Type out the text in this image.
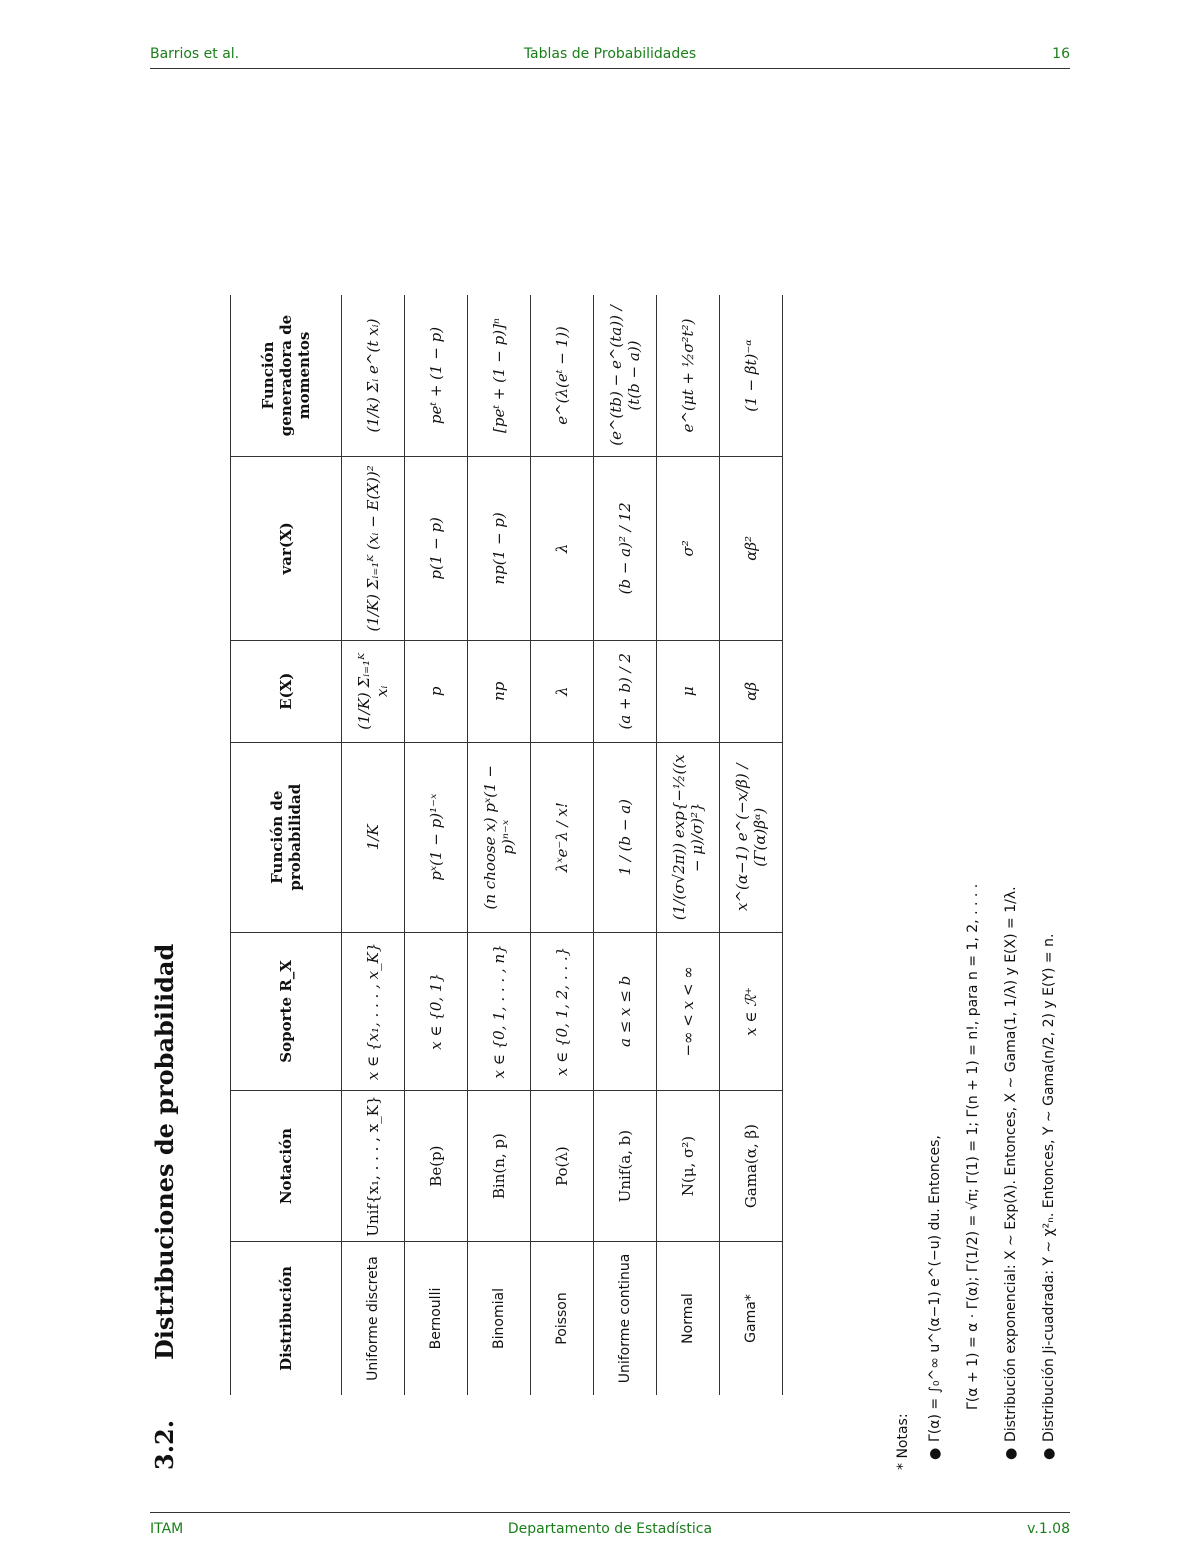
Barrios et al.	Tablas de Probabilidades	16
3.2.Distribuciones de probabilidad	Distribución	Notación	Soporte R_X	Función de probabilidad	E(X)	var(X)	Función generadora de momentos
Uniforme discreta	Unif{x₁, . . . , x_K}	x ∈ {x₁, . . . , x_K}	1/K	(1/K) Σᵢ₌₁ᴷ xᵢ	(1/K) Σᵢ₌₁ᴷ (xᵢ − E(X))²	(1/k) Σᵢ e^(t xᵢ)
Bernoulli	Be(p)	x ∈ {0, 1}	pˣ(1 − p)¹⁻ˣ	p	p(1 − p)	peᵗ + (1 − p)
Binomial	Bin(n, p)	x ∈ {0, 1, . . . , n}	(n choose x) pˣ(1 − p)ⁿ⁻ˣ	np	np(1 − p)	[peᵗ + (1 − p)]ⁿ
Poisson	Po(λ)	x ∈ {0, 1, 2, . . .}	λˣe⁻λ / x!	λ	λ	e^(λ(eᵗ − 1))
Uniforme continua	Unif(a, b)	a ≤ x ≤ b	1 / (b − a)	(a + b) / 2	(b − a)² / 12	(e^(tb) − e^(ta)) / (t(b − a))
Normal	N(μ, σ²)	−∞ < x < ∞	(1/(σ√2π)) exp{−½((x − μ)/σ)²}	μ	σ²	e^(μt + ½σ²t²)
Gama*	Gama(α, β)	x ∈ ℛ⁺	x^(α−1) e^(−x/β) / (Γ(α)βᵅ)	αβ	αβ²	(1 − βt)⁻ᵅ
* Notas: ●Γ(α) = ∫₀^∞ u^(α−1) e^(−u) du. Entonces, Γ(α + 1) = α · Γ(α); Γ(1/2) = √π; Γ(1) = 1; Γ(n + 1) = n!, para n = 1, 2, . . . .
●Distribución exponencial: X ∼ Exp(λ). Entonces, X ∼ Gama(1, 1/λ) y E(X) = 1/λ.
●Distribución Ji-cuadrada: Y ∼ χ²ₙ. Entonces, Y ∼ Gama(n/2, 2) y E(Y) = n.
ITAM	Departamento de Estadística	v.1.08
